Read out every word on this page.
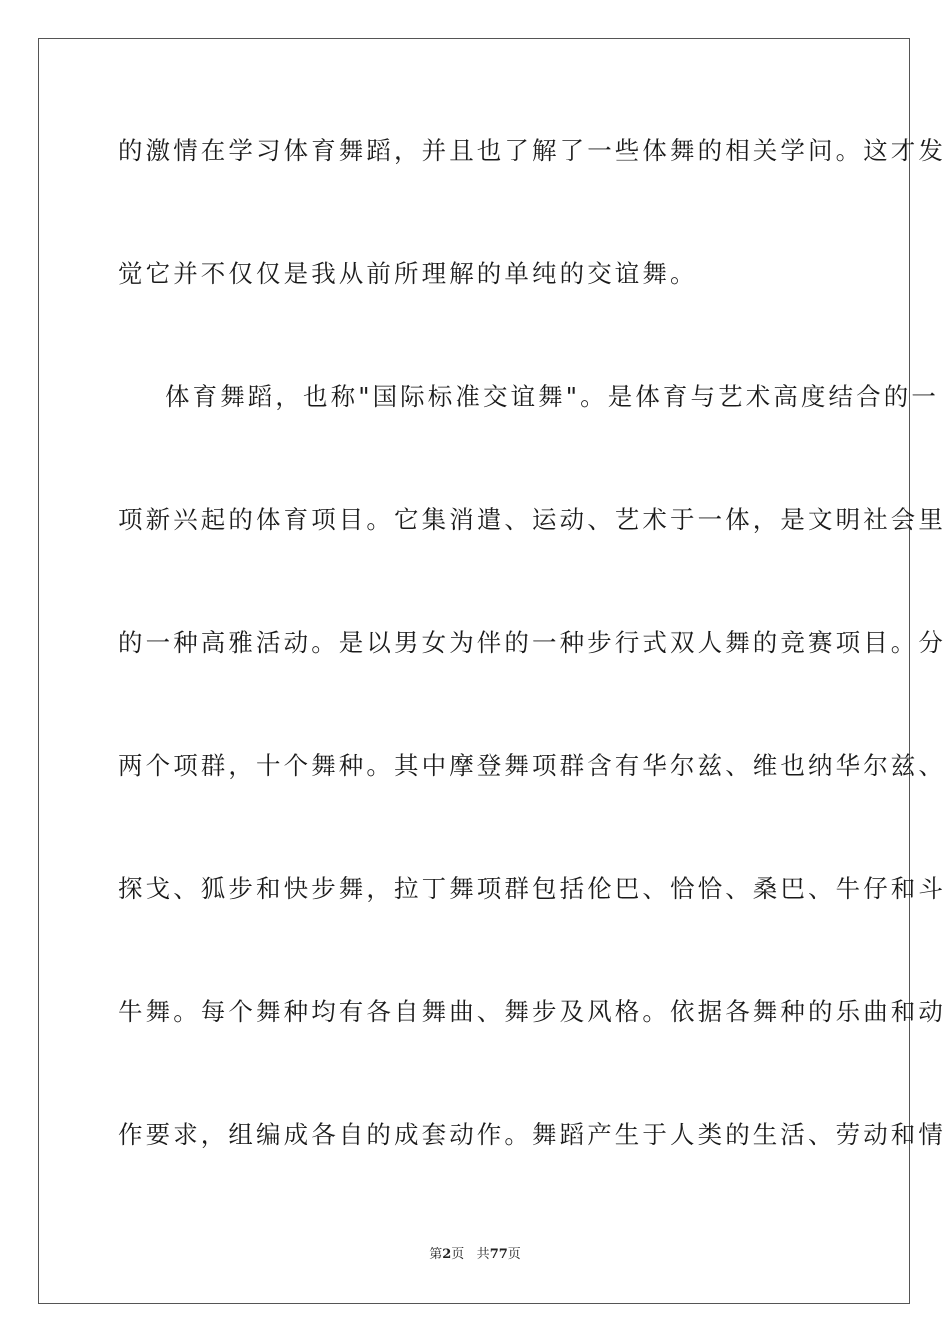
的激情在学习体育舞蹈，并且也了解了一些体舞的相关学问。这才发
觉它并不仅仅是我从前所理解的单纯的交谊舞。
体育舞蹈，也称"国际标准交谊舞"。是体育与艺术高度结合的一
项新兴起的体育项目。它集消遣、运动、艺术于一体，是文明社会里
的一种高雅活动。是以男女为伴的一种步行式双人舞的竞赛项目。分
两个项群，十个舞种。其中摩登舞项群含有华尔兹、维也纳华尔兹、
探戈、狐步和快步舞，拉丁舞项群包括伦巴、恰恰、桑巴、牛仔和斗
牛舞。每个舞种均有各自舞曲、舞步及风格。依据各舞种的乐曲和动
作要求，组编成各自的成套动作。舞蹈产生于人类的生活、劳动和情
第2页 共77页
